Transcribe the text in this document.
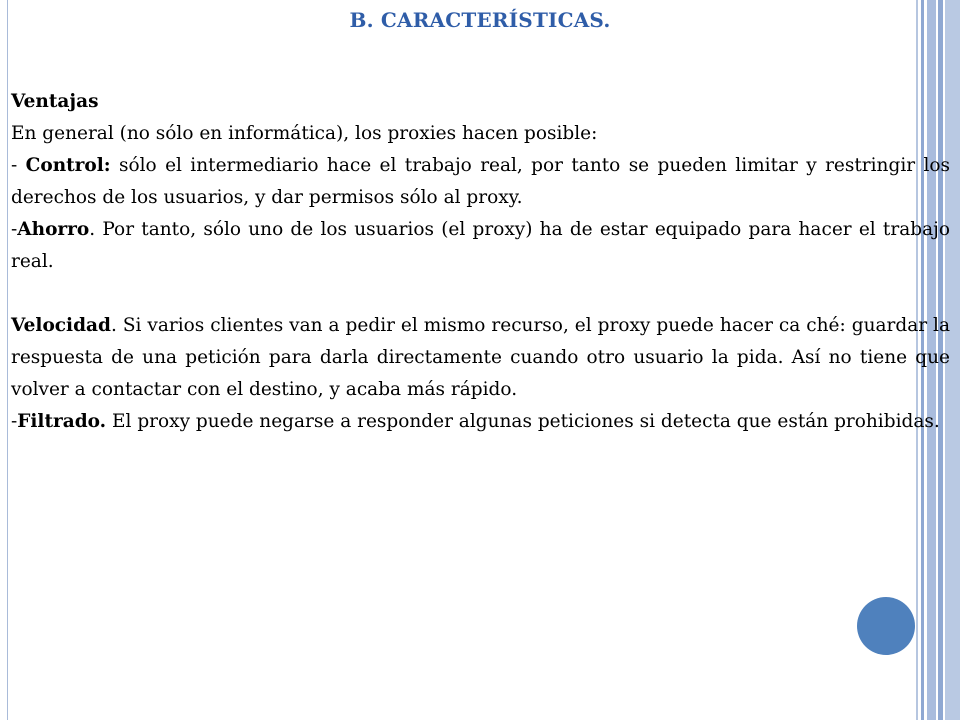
B. CARACTERÍSTICAS.

Ventajas

En general (no sólo en informática), los proxies hacen posible:

- Control: sólo el intermediario hace el trabajo real, por tanto se pueden limitar y restringir los derechos de los usuarios, y dar permisos sólo al proxy.

-Ahorro. Por tanto, sólo uno de los usuarios (el proxy) ha de estar equipado para hacer el trabajo real.

Velocidad. Si varios clientes van a pedir el mismo recurso, el proxy puede hacer ca ché: guardar la respuesta de una petición para darla directamente cuando otro usuario la pida. Así no tiene que volver a contactar con el destino, y acaba más rápido.

-Filtrado. El proxy puede negarse a responder algunas peticiones si detecta que están prohibidas.
